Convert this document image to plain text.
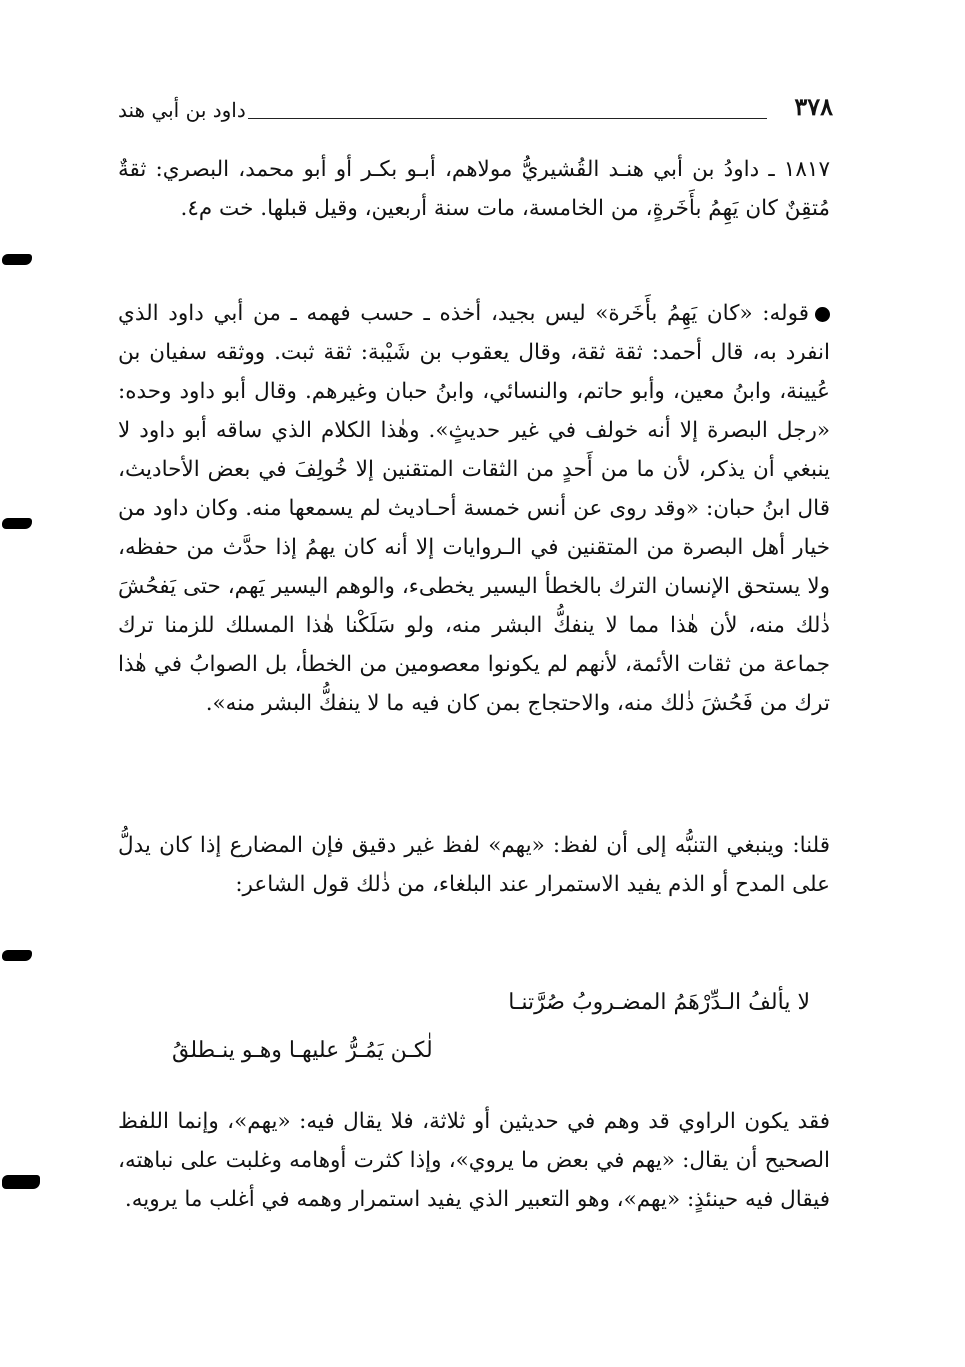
٣٧٨
داود بن أبي هند

١٨١٧ ـ داودُ بن أبي هنـد القُشيريُّ مولاهم، أبـو بكـر أو أبو محمد، البصري: ثقةٌ مُتقِنٌ كان يَهِمُ بأَخَرةٍ، من الخامسة، مات سنة أربعين، وقيل قبلها. خت م٤.

قوله: «كان يَهِمُ بأَخَرة» ليس بجيد، أخذه ـ حسب فهمه ـ من أبي داود الذي انفرد به، قال أحمد: ثقة ثقة، وقال يعقوب بن شَيْبة: ثقة ثبت. ووثقه سفيان بن عُيينة، وابنُ معين، وأبو حاتم، والنسائي، وابنُ حبان وغيرهم. وقال أبو داود وحده: «رجل البصرة إلا أنه خولف في غير حديثٍ». وهٰذا الكلام الذي ساقه أبو داود لا ينبغي أن يذكر، لأن ما من أَحدٍ من الثقات المتقنين إلا خُولِفَ في بعض الأحاديث، قال ابنُ حبان: «وقد روى عن أنس خمسة أحـاديث لم يسمعها منه. وكان داود من خيار أهل البصرة من المتقنين في الـروايات إلا أنه كان يهمُ إذا حدَّث من حفظه، ولا يستحق الإنسان الترك بالخطأ اليسير يخطىء، والوهم اليسير يَهم، حتى يَفحُشَ ذٰلك منه، لأن هٰذا مما لا ينفكُّ البشر منه، ولو سَلَكْنا هٰذا المسلك للزمنا ترك جماعة من ثقات الأئمة، لأنهم لم يكونوا معصومين من الخطأ، بل الصوابُ في هٰذا ترك من فَحُشَ ذٰلك منه، والاحتجاج بمن كان فيه ما لا ينفكُّ البشر منه».

قلنا: وينبغي التنبُّه إلى أن لفظ: «يهم» لفظ غير دقيق فإن المضارع إذا كان يدلُّ على المدح أو الذم يفيد الاستمرار عند البلغاء، من ذٰلك قول الشاعر:

لا يألفُ الـدِّرْهَمُ المضـروبُ صُرَّتنـا
لٰكـن يَمُـرُّ عليهـا وهـو ينـطلقُ

فقد يكون الراوي قد وهم في حديثين أو ثلاثة، فلا يقال فيه: «يهم»، وإنما اللفظ الصحيح أن يقال: «يهم في بعض ما يروي»، وإذا كثرت أوهامه وغلبت على نباهته، فيقال فيه حينئذٍ: «يهم»، وهو التعبير الذي يفيد استمرار وهمه في أغلب ما يرويه.
